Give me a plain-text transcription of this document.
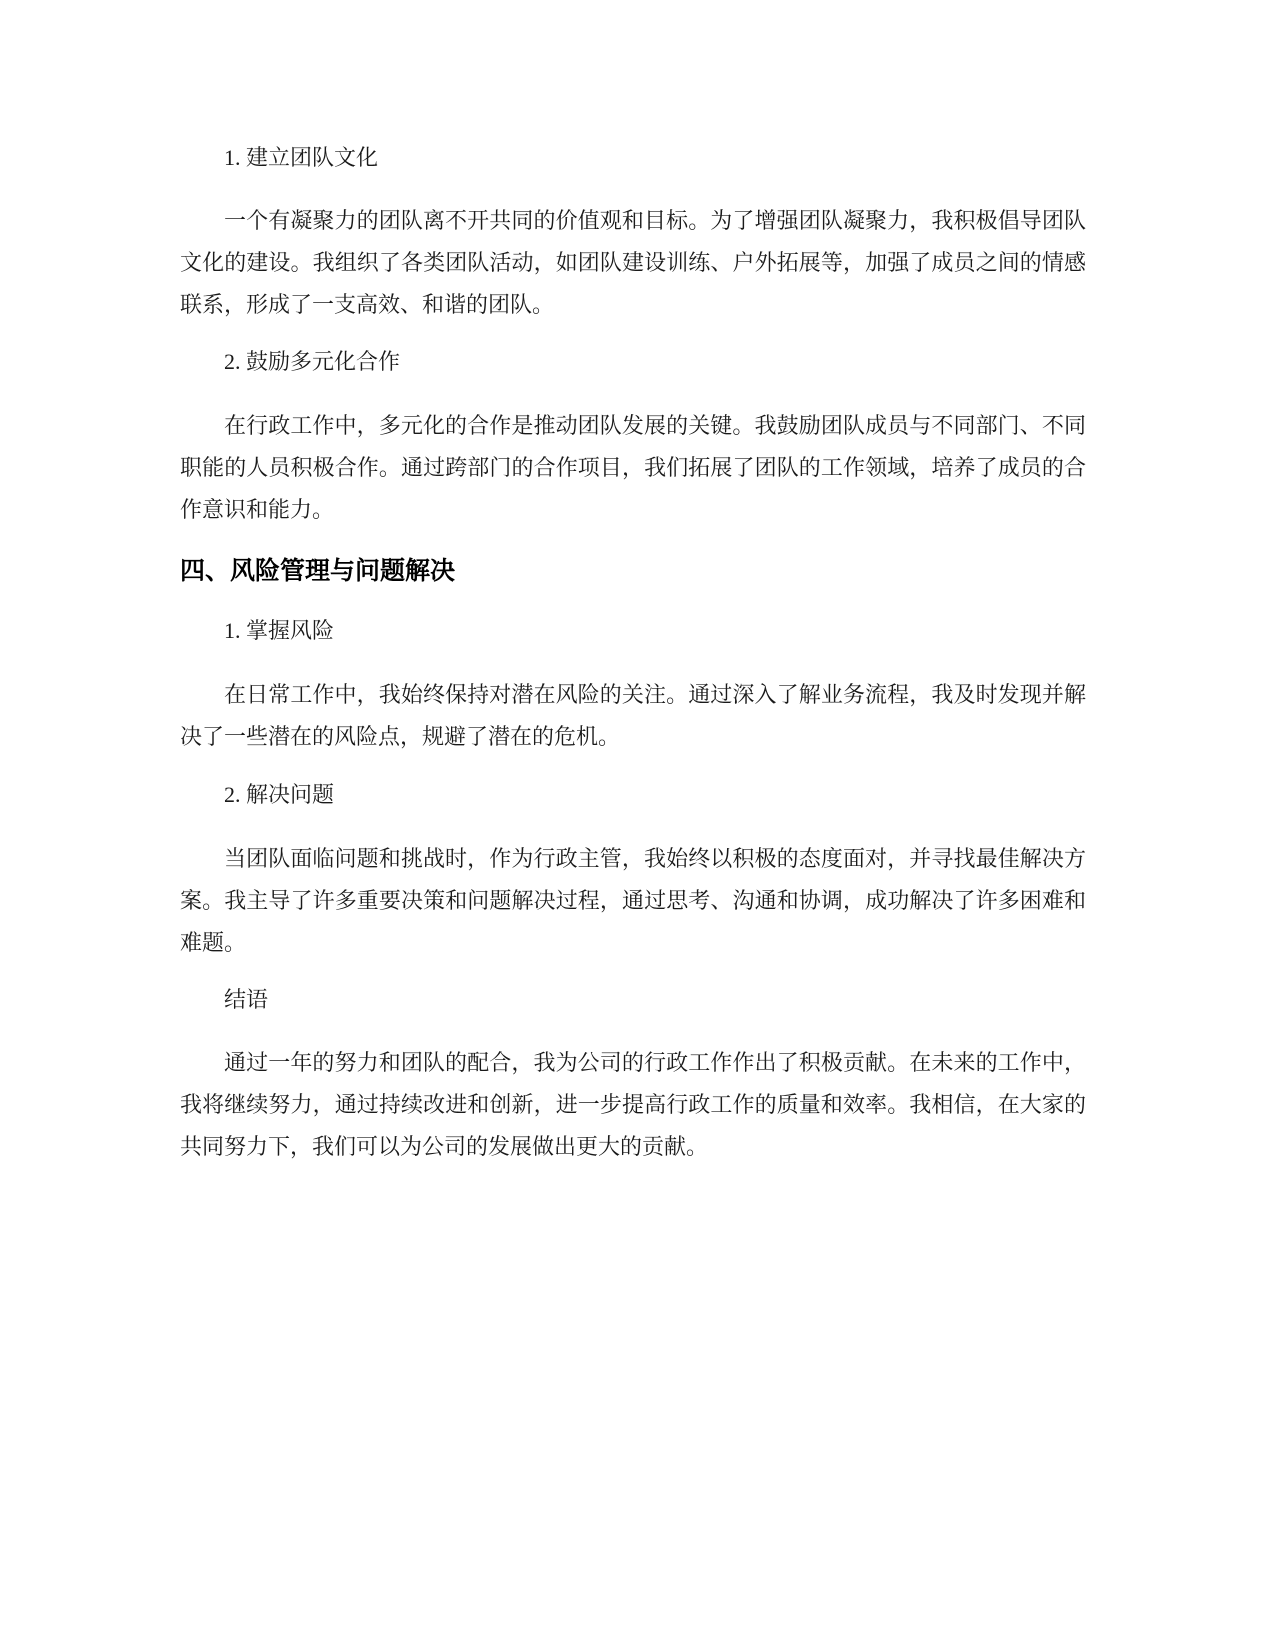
1. 建立团队文化

一个有凝聚力的团队离不开共同的价值观和目标。为了增强团队凝聚力，我积极倡导团队文化的建设。我组织了各类团队活动，如团队建设训练、户外拓展等，加强了成员之间的情感联系，形成了一支高效、和谐的团队。

2. 鼓励多元化合作

在行政工作中，多元化的合作是推动团队发展的关键。我鼓励团队成员与不同部门、不同职能的人员积极合作。通过跨部门的合作项目，我们拓展了团队的工作领域，培养了成员的合作意识和能力。

四、风险管理与问题解决

1. 掌握风险

在日常工作中，我始终保持对潜在风险的关注。通过深入了解业务流程，我及时发现并解决了一些潜在的风险点，规避了潜在的危机。

2. 解决问题

当团队面临问题和挑战时，作为行政主管，我始终以积极的态度面对，并寻找最佳解决方案。我主导了许多重要决策和问题解决过程，通过思考、沟通和协调，成功解决了许多困难和难题。

结语

通过一年的努力和团队的配合，我为公司的行政工作作出了积极贡献。在未来的工作中，我将继续努力，通过持续改进和创新，进一步提高行政工作的质量和效率。我相信，在大家的共同努力下，我们可以为公司的发展做出更大的贡献。
